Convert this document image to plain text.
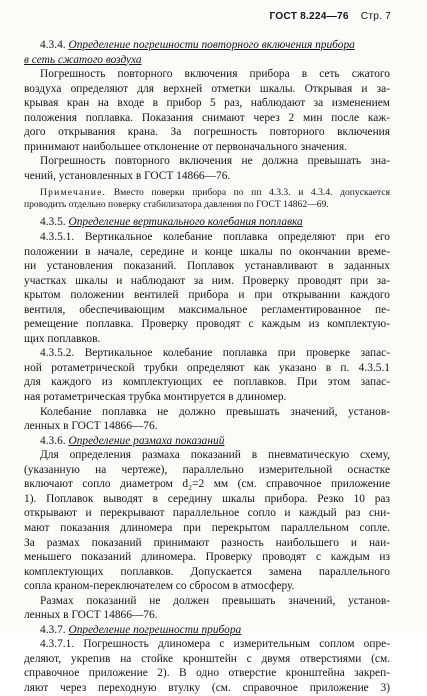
ГОСТ 8.224—76 Стр. 7
4.3.4. Определение погрешности повторного включения прибора
в сеть сжатого воздуха
Погрешность повторного включения прибора в сеть сжатого
воздуха определяют для верхней отметки шкалы. Открывая и за-
крывая кран на входе в прибор 5 раз, наблюдают за изменением
положения поплавка. Показания снимают через 2 мин после каж-
дого открывания крана. За погрешность повторного включения
принимают наибольшее отклонение от первоначального значения.
Погрешность повторного включения не должна превышать зна-
чений, установленных в ГОСТ 14866—76.
Примечание. Вместо поверки прибора по пп 4.3.3. и 4.3.4. допускается
проводить отдельно поверку стабилизатора давления по ГОСТ 14862—69.
4.3.5. Определение вертикального колебания поплавка
4.3.5.1. Вертикальное колебание поплавка определяют при его
положении в начале, середине и конце шкалы по окончании време-
ни установления показаний. Поплавок устанавливают в заданных
участках шкалы и наблюдают за ним. Проверку проводят при за-
крытом положении вентилей прибора и при открывании каждого
вентиля, обеспечивающим максимальное регламентированное пе-
ремещение поплавка. Проверку проводят с каждым из комплектую-
щих поплавков.
4.3.5.2. Вертикальное колебание поплавка при проверке запас-
ной ротаметрической трубки определяют как указано в п. 4.3.5.1
для каждого из комплектующих ее поплавков. При этом запас-
ная ротаметрическая трубка монтируется в длиномер.
Колебание поплавка не должно превышать значений, установ-
ленных в ГОСТ 14866—76.
4.3.6. Определение размаха показаний
Для определения размаха показаний в пневматическую схему,
(указанную на чертеже), параллельно измерительной оснастке
включают сопло диаметром d₂=2 мм (см. справочное приложение
1). Поплавок выводят в середину шкалы прибора. Резко 10 раз
открывают и перекрывают параллельное сопло и каждый раз сни-
мают показания длиномера при перекрытом параллельном сопле.
За размах показаний принимают разность наибольшего и наи-
меньшего показаний длиномера. Проверку проводят с каждым из
комплектующих поплавков. Допускается замена параллельного
сопла краном-переключателем со сбросом в атмосферу.
Размах показаний не должен превышать значений, установ-
ленных в ГОСТ 14866—76.
4.3.7. Определение погрешности прибора
4.3.7.1. Погрешность длиномера с измерительным соплом опре-
деляют, укрепив на стойке кронштейн с двумя отверстиями (см.
справочное приложение 2). В одно отверстие кронштейна закреп-
ляют через переходную втулку (см. справочное приложение 3)
